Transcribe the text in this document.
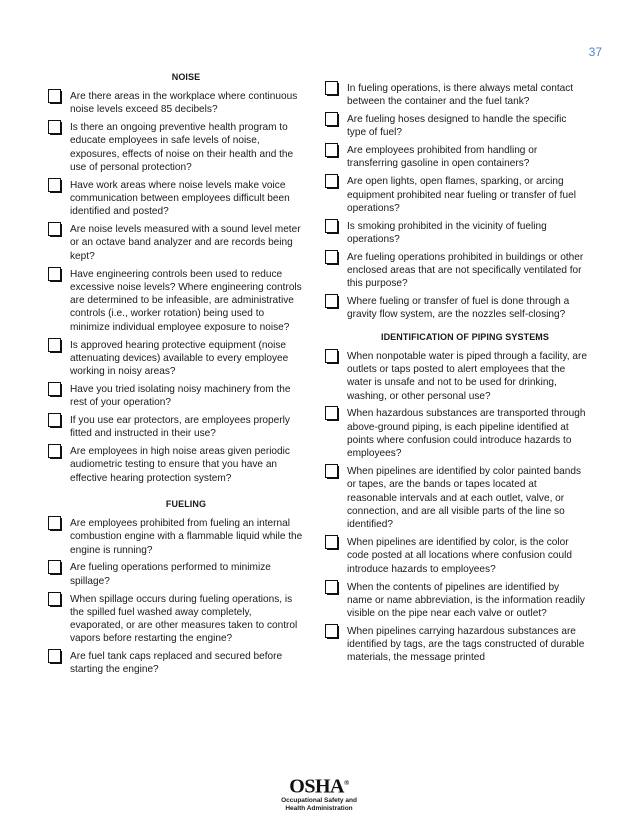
37
NOISE
Are there areas in the workplace where continuous noise levels exceed 85 decibels?
Is there an ongoing preventive health program to educate employees in safe levels of noise, exposures, effects of noise on their health and the use of personal protection?
Have work areas where noise levels make voice communication between employees difficult been identified and posted?
Are noise levels measured with a sound level meter or an octave band analyzer and are records being kept?
Have engineering controls been used to reduce excessive noise levels? Where engineering controls are determined to be infeasible, are administrative controls (i.e., worker rotation) being used to minimize individual employee exposure to noise?
Is approved hearing protective equipment (noise attenuating devices) available to every employee working in noisy areas?
Have you tried isolating noisy machinery from the rest of your operation?
If you use ear protectors, are employees properly fitted and instructed in their use?
Are employees in high noise areas given periodic audiometric testing to ensure that you have an effective hearing protection system?
FUELING
Are employees prohibited from fueling an internal combustion engine with a flammable liquid while the engine is running?
Are fueling operations performed to minimize spillage?
When spillage occurs during fueling operations, is the spilled fuel washed away completely, evaporated, or are other measures taken to control vapors before restarting the engine?
Are fuel tank caps replaced and secured before starting the engine?
In fueling operations, is there always metal contact between the container and the fuel tank?
Are fueling hoses designed to handle the specific type of fuel?
Are employees prohibited from handling or transferring gasoline in open containers?
Are open lights, open flames, sparking, or arcing equipment prohibited near fueling or transfer of fuel operations?
Is smoking prohibited in the vicinity of fueling operations?
Are fueling operations prohibited in buildings or other enclosed areas that are not specifically ventilated for this purpose?
Where fueling or transfer of fuel is done through a gravity flow system, are the nozzles self-closing?
IDENTIFICATION OF PIPING SYSTEMS
When nonpotable water is piped through a facility, are outlets or taps posted to alert employees that the water is unsafe and not to be used for drinking, washing, or other personal use?
When hazardous substances are transported through above-ground piping, is each pipeline identified at points where confusion could introduce hazards to employees?
When pipelines are identified by color painted bands or tapes, are the bands or tapes located at reasonable intervals and at each outlet, valve, or connection, and are all visible parts of the line so identified?
When pipelines are identified by color, is the color code posted at all locations where confusion could introduce hazards to employees?
When the contents of pipelines are identified by name or name abbreviation, is the information readily visible on the pipe near each valve or outlet?
When pipelines carrying hazardous substances are identified by tags, are the tags constructed of durable materials, the message printed
OSHA®
Occupational Safety and
Health Administration
